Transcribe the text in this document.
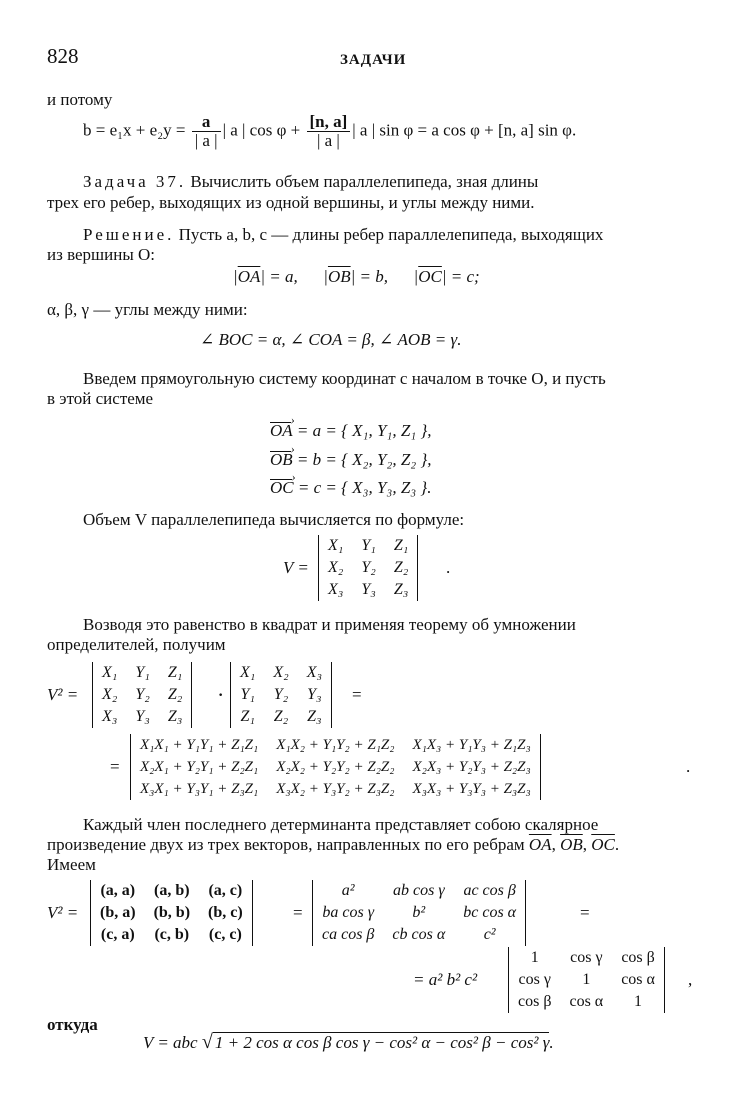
828	ЗАДАЧИ
и потому
$b = e_1x + e_2y = \frac{a}{| a |}$ | a | $\cos \varphi + \frac{[n, a]}{| a |}$ | a | sin φ = a cos φ + [n, a] sin φ.
Задача 37. Вычислить объем параллелепипеда, зная длины
трех его ребер, выходящих из одной вершины, и углы между ними.
Решение. Пусть a, b, c — длины ребер параллелепипеда, выходящих
из вершины O:
$|\overline{OA}| = a$,      $|\overline{OB}| = b$,      $|\overline{OC}| = c$;
α, β, γ — углы между ними:
∠ BOC = α, ∠ COA = β, ∠ AOB = γ.
Введем прямоугольную систему координат с началом в точке O, и пусть
в этой системе
OA › = a = { X₁, Y₁, Z₁ },
OB › = b = { X₂, Y₂, Z₂ },
OC › = c = { X₃, Y₃, Z₃ }.
Объем V параллелепипеда вычисляется по формуле:
V =
X₁	Y₁	Z₁
X₂	Y₂	Z₂
X₃	Y₃	Z₃
.
Возводя это равенство в квадрат и применяя теорему об умножении
определителей, получим
V² =
X₁	Y₁	Z₁
X₂	Y₂	Z₂
X₃	Y₃	Z₃
·
X₁	X₂	X₃
Y₁	Y₂	Y₃
Z₁	Z₂	Z₃
=
=
X₁X₁ + Y₁Y₁ + Z₁Z₁	X₁X₂ + Y₁Y₂ + Z₁Z₂	X₁X₃ + Y₁Y₃ + Z₁Z₃
X₂X₁ + Y₂Y₁ + Z₂Z₁	X₂X₂ + Y₂Y₂ + Z₂Z₂	X₂X₃ + Y₂Y₃ + Z₂Z₃
X₃X₁ + Y₃Y₁ + Z₃Z₁	X₃X₂ + Y₃Y₂ + Z₃Z₂	X₃X₃ + Y₃Y₃ + Z₃Z₃
.
Каждый член последнего детерминанта представляет собою скалярное
произведение двух из трех векторов, направленных по его ребрам $\overline{OA}$, $\overline{OB}$, $\overline{OC}$.
Имеем
V² =
(a, a)	(a, b)	(a, c)
(b, a)	(b, b)	(b, c)
(c, a)	(c, b)	(c, c)
=
a²	ab cos γ	ac cos β
ba cos γ	b²	bc cos α
ca cos β	cb cos α	c²
=
= a² b² c²
1	cos γ	cos β
cos γ	1	cos α
cos β	cos α	1
,
откуда
V = abc √ 1 + 2 cos α cos β cos γ − cos² α − cos² β − cos² γ.
